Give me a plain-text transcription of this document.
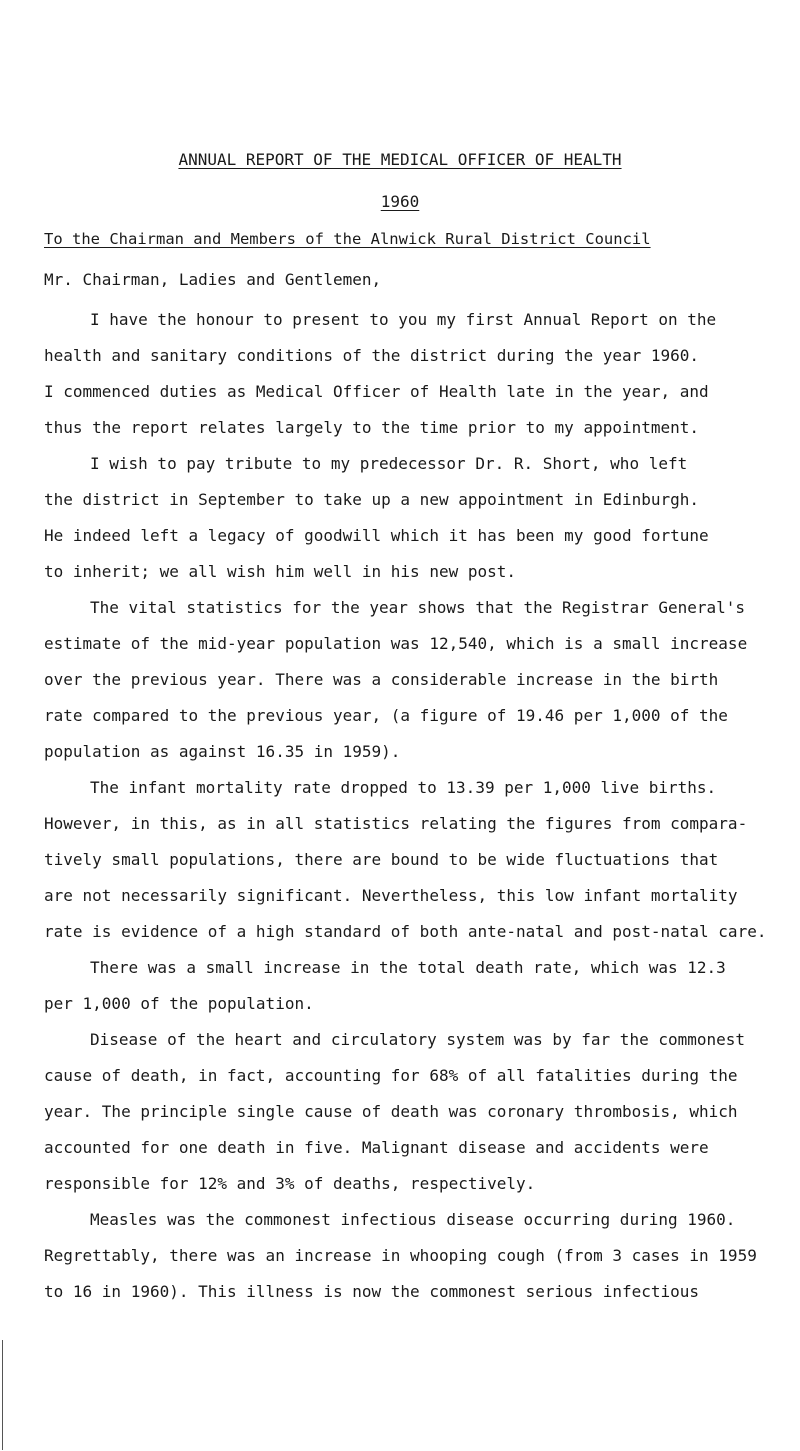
ANNUAL REPORT OF THE MEDICAL OFFICER OF HEALTH
1960
To the Chairman and Members of the Alnwick Rural District Council
Mr. Chairman, Ladies and Gentlemen,
I have the honour to present to you my first Annual Report on the
health and sanitary conditions of the district during the year 1960.
I commenced duties as Medical Officer of Health late in the year, and
thus the report relates largely to the time prior to my appointment.
I wish to pay tribute to my predecessor Dr. R. Short, who left
the district in September to take up a new appointment in Edinburgh.
He indeed left a legacy of goodwill which it has been my good fortune
to inherit; we all wish him well in his new post.
The vital statistics for the year shows that the Registrar General's
estimate of the mid-year population was 12,540, which is a small increase
over the previous year. There was a considerable increase in the birth
rate compared to the previous year, (a figure of 19.46 per 1,000 of the
population as against 16.35 in 1959).
The infant mortality rate dropped to 13.39 per 1,000 live births.
However, in this, as in all statistics relating the figures from compara-
tively small populations, there are bound to be wide fluctuations that
are not necessarily significant. Nevertheless, this low infant mortality
rate is evidence of a high standard of both ante-natal and post-natal care.
There was a small increase in the total death rate, which was 12.3
per 1,000 of the population.
Disease of the heart and circulatory system was by far the commonest
cause of death, in fact, accounting for 68% of all fatalities during the
year. The principle single cause of death was coronary thrombosis, which
accounted for one death in five. Malignant disease and accidents were
responsible for 12% and 3% of deaths, respectively.
Measles was the commonest infectious disease occurring during 1960.
Regrettably, there was an increase in whooping cough (from 3 cases in 1959
to 16 in 1960). This illness is now the commonest serious infectious
